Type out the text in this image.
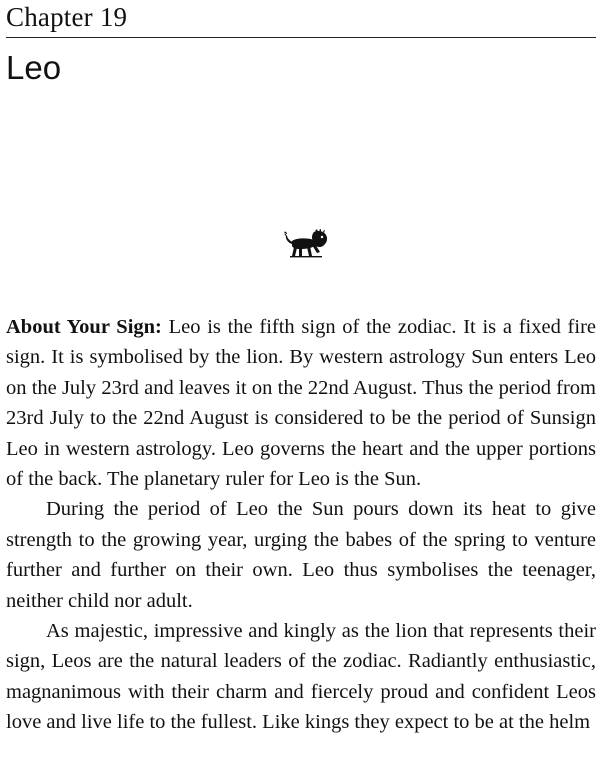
Chapter 19
Leo

About Your Sign: Leo is the fifth sign of the zodiac. It is a fixed fire sign. It is symbolised by the lion. By western astrology Sun enters Leo on the July 23rd and leaves it on the 22nd August. Thus the period from 23rd July to the 22nd August is considered to be the period of Sunsign Leo in western astrology. Leo governs the heart and the upper portions of the back. The planetary ruler for Leo is the Sun.

During the period of Leo the Sun pours down its heat to give strength to the growing year, urging the babes of the spring to venture further and further on their own. Leo thus symbolises the teenager, neither child nor adult.

As majestic, impressive and kingly as the lion that represents their sign, Leos are the natural leaders of the zodiac. Radiantly enthusiastic, magnanimous with their charm and fiercely proud and confident Leos love and live life to the fullest. Like kings they expect to be at the helm
